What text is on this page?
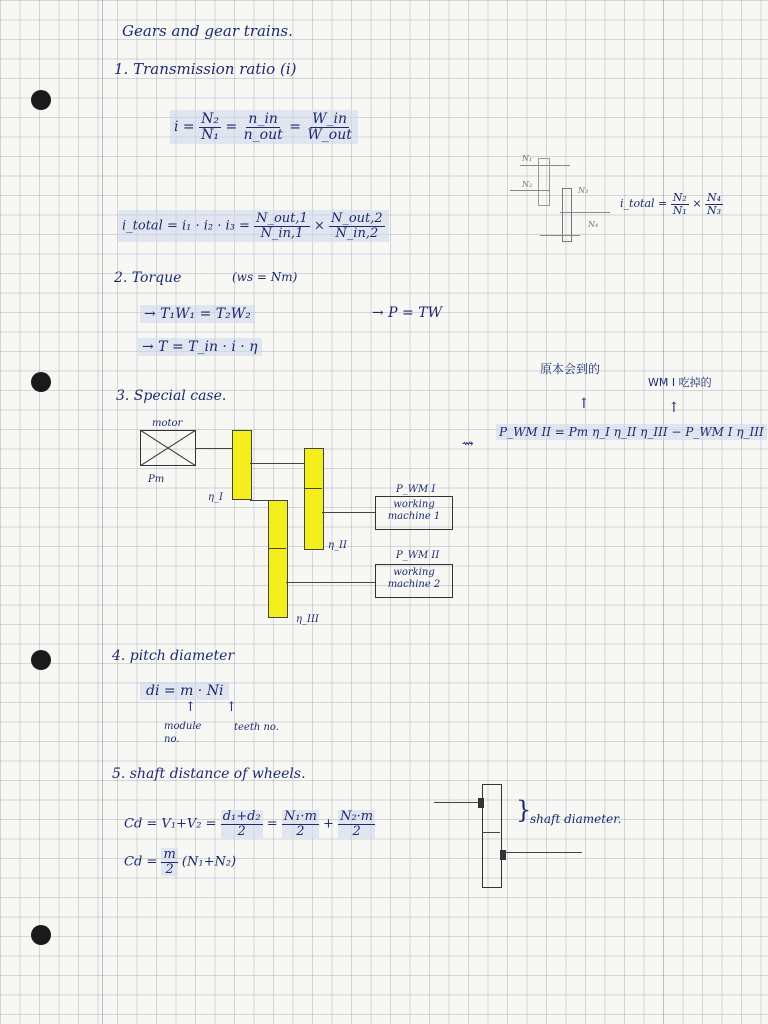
Gears and gear trains.
1. Transmission ratio (i)
$i = \frac{\text{N₂}}{\text{N₁}} = \frac{n\_in}{\text{n\_out}} = \frac{W\_in}{\text{W\_out}}$
i_total = $i_1 \cdot i_2 \cdot i_3 = \frac{\text{N\_out,1}}{N\_in,1} \times \frac{\text{N\_out,2}}{N\_in,2}$
N₁
N₂
N₃
N₄
i_total = $\frac{\text{N₂}}{\text{N₁}} \times \frac{\text{N₄}}{\text{N₃}}$
2. Torque	(ws = Nm)
→ T₁W₁ = T₂W₂	→ P = TW
→ T = T_in · i · η
3. Special case.
motor
Pm
η_I
η_II
η_III
P_WM I
working machine 1
P_WM II
working machine 2
原本会到的
WM I 吃掉的
↑	↑
⇝
P_WM II = Pm η_I η_II η_III − P_WM I η_III
4. pitch diameter
di = m · Ni
↑ ↑
module no.
teeth no.
5. shaft distance of wheels.
$Cd = V_1+V_2 = \frac{\text{d₁+d₂}}{2} = \frac{\text{N₁·m}}{2} + \frac{\text{N₂·m}}{2}$
$Cd = \frac{m}{2} (N_1+N_2)$
}
shaft diameter.
